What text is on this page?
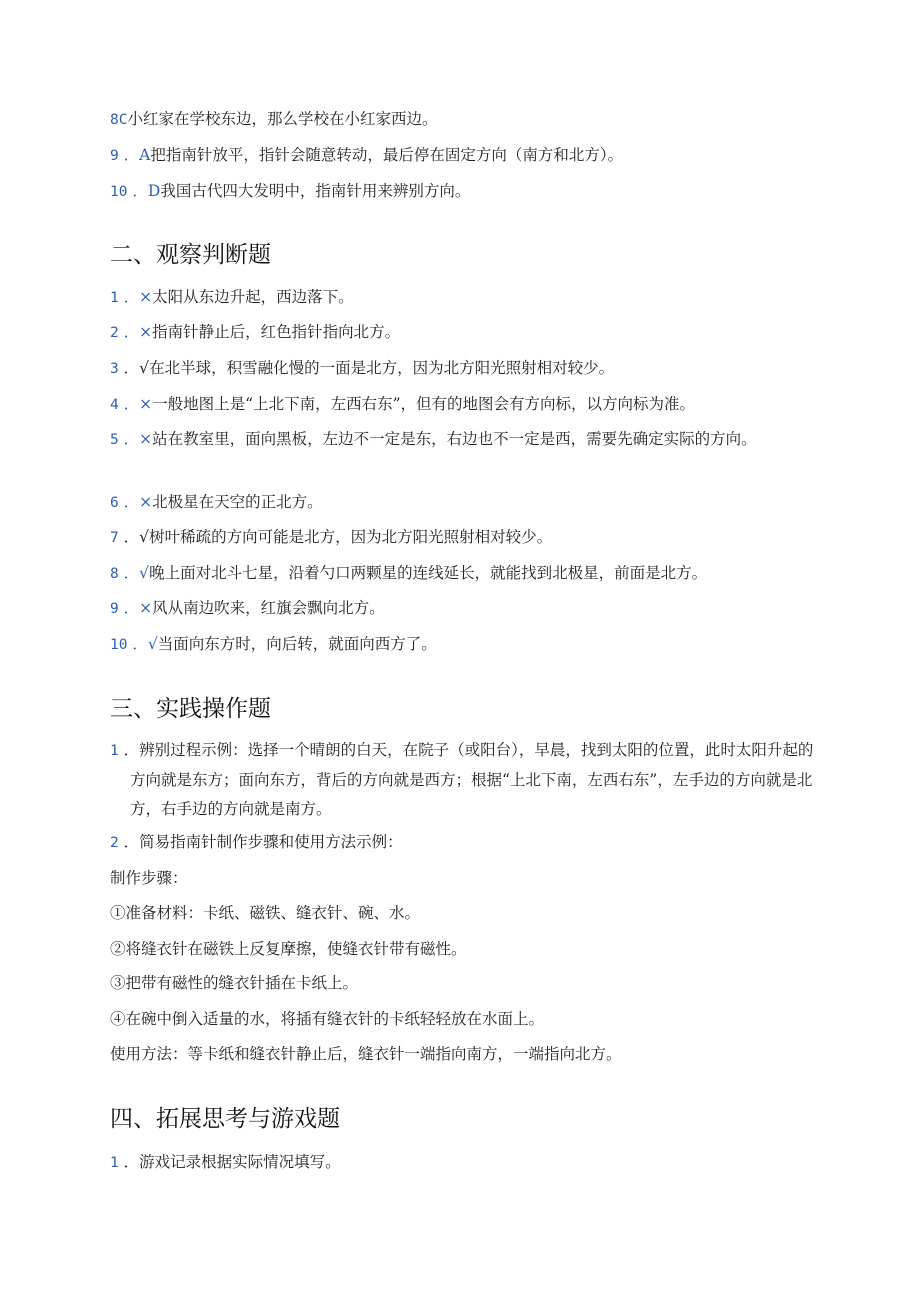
8C小红家在学校东边，那么学校在小红家西边。
9 ．A把指南针放平，指针会随意转动，最后停在固定方向（南方和北方）。
10 ．D我国古代四大发明中，指南针用来辨别方向。
二、观察判断题
1 ．×太阳从东边升起，西边落下。
2 ．×指南针静止后，红色指针指向北方。
3 ．√在北半球，积雪融化慢的一面是北方，因为北方阳光照射相对较少。
4 ．×一般地图上是“上北下南，左西右东”，但有的地图会有方向标，以方向标为准。
5 ．×站在教室里，面向黑板，左边不一定是东，右边也不一定是西，需要先确定实际的方向。
6 ．×北极星在天空的正北方。
7 ．√树叶稀疏的方向可能是北方，因为北方阳光照射相对较少。
8 ．√晚上面对北斗七星，沿着勺口两颗星的连线延长，就能找到北极星，前面是北方。
9 ．×风从南边吹来，红旗会飘向北方。
10 ．√当面向东方时，向后转，就面向西方了。
三、实践操作题
1 ．辨别过程示例：选择一个晴朗的白天，在院子（或阳台），早晨，找到太阳的位置，此时太阳升起的方向就是东方；面向东方，背后的方向就是西方；根据“上北下南，左西右东”，左手边的方向就是北方，右手边的方向就是南方。
2 ．简易指南针制作步骤和使用方法示例：
制作步骤：
①准备材料：卡纸、磁铁、缝衣针、碗、水。
②将缝衣针在磁铁上反复摩擦，使缝衣针带有磁性。
③把带有磁性的缝衣针插在卡纸上。
④在碗中倒入适量的水，将插有缝衣针的卡纸轻轻放在水面上。
使用方法：等卡纸和缝衣针静止后，缝衣针一端指向南方，一端指向北方。
四、拓展思考与游戏题
1 ．游戏记录根据实际情况填写。
